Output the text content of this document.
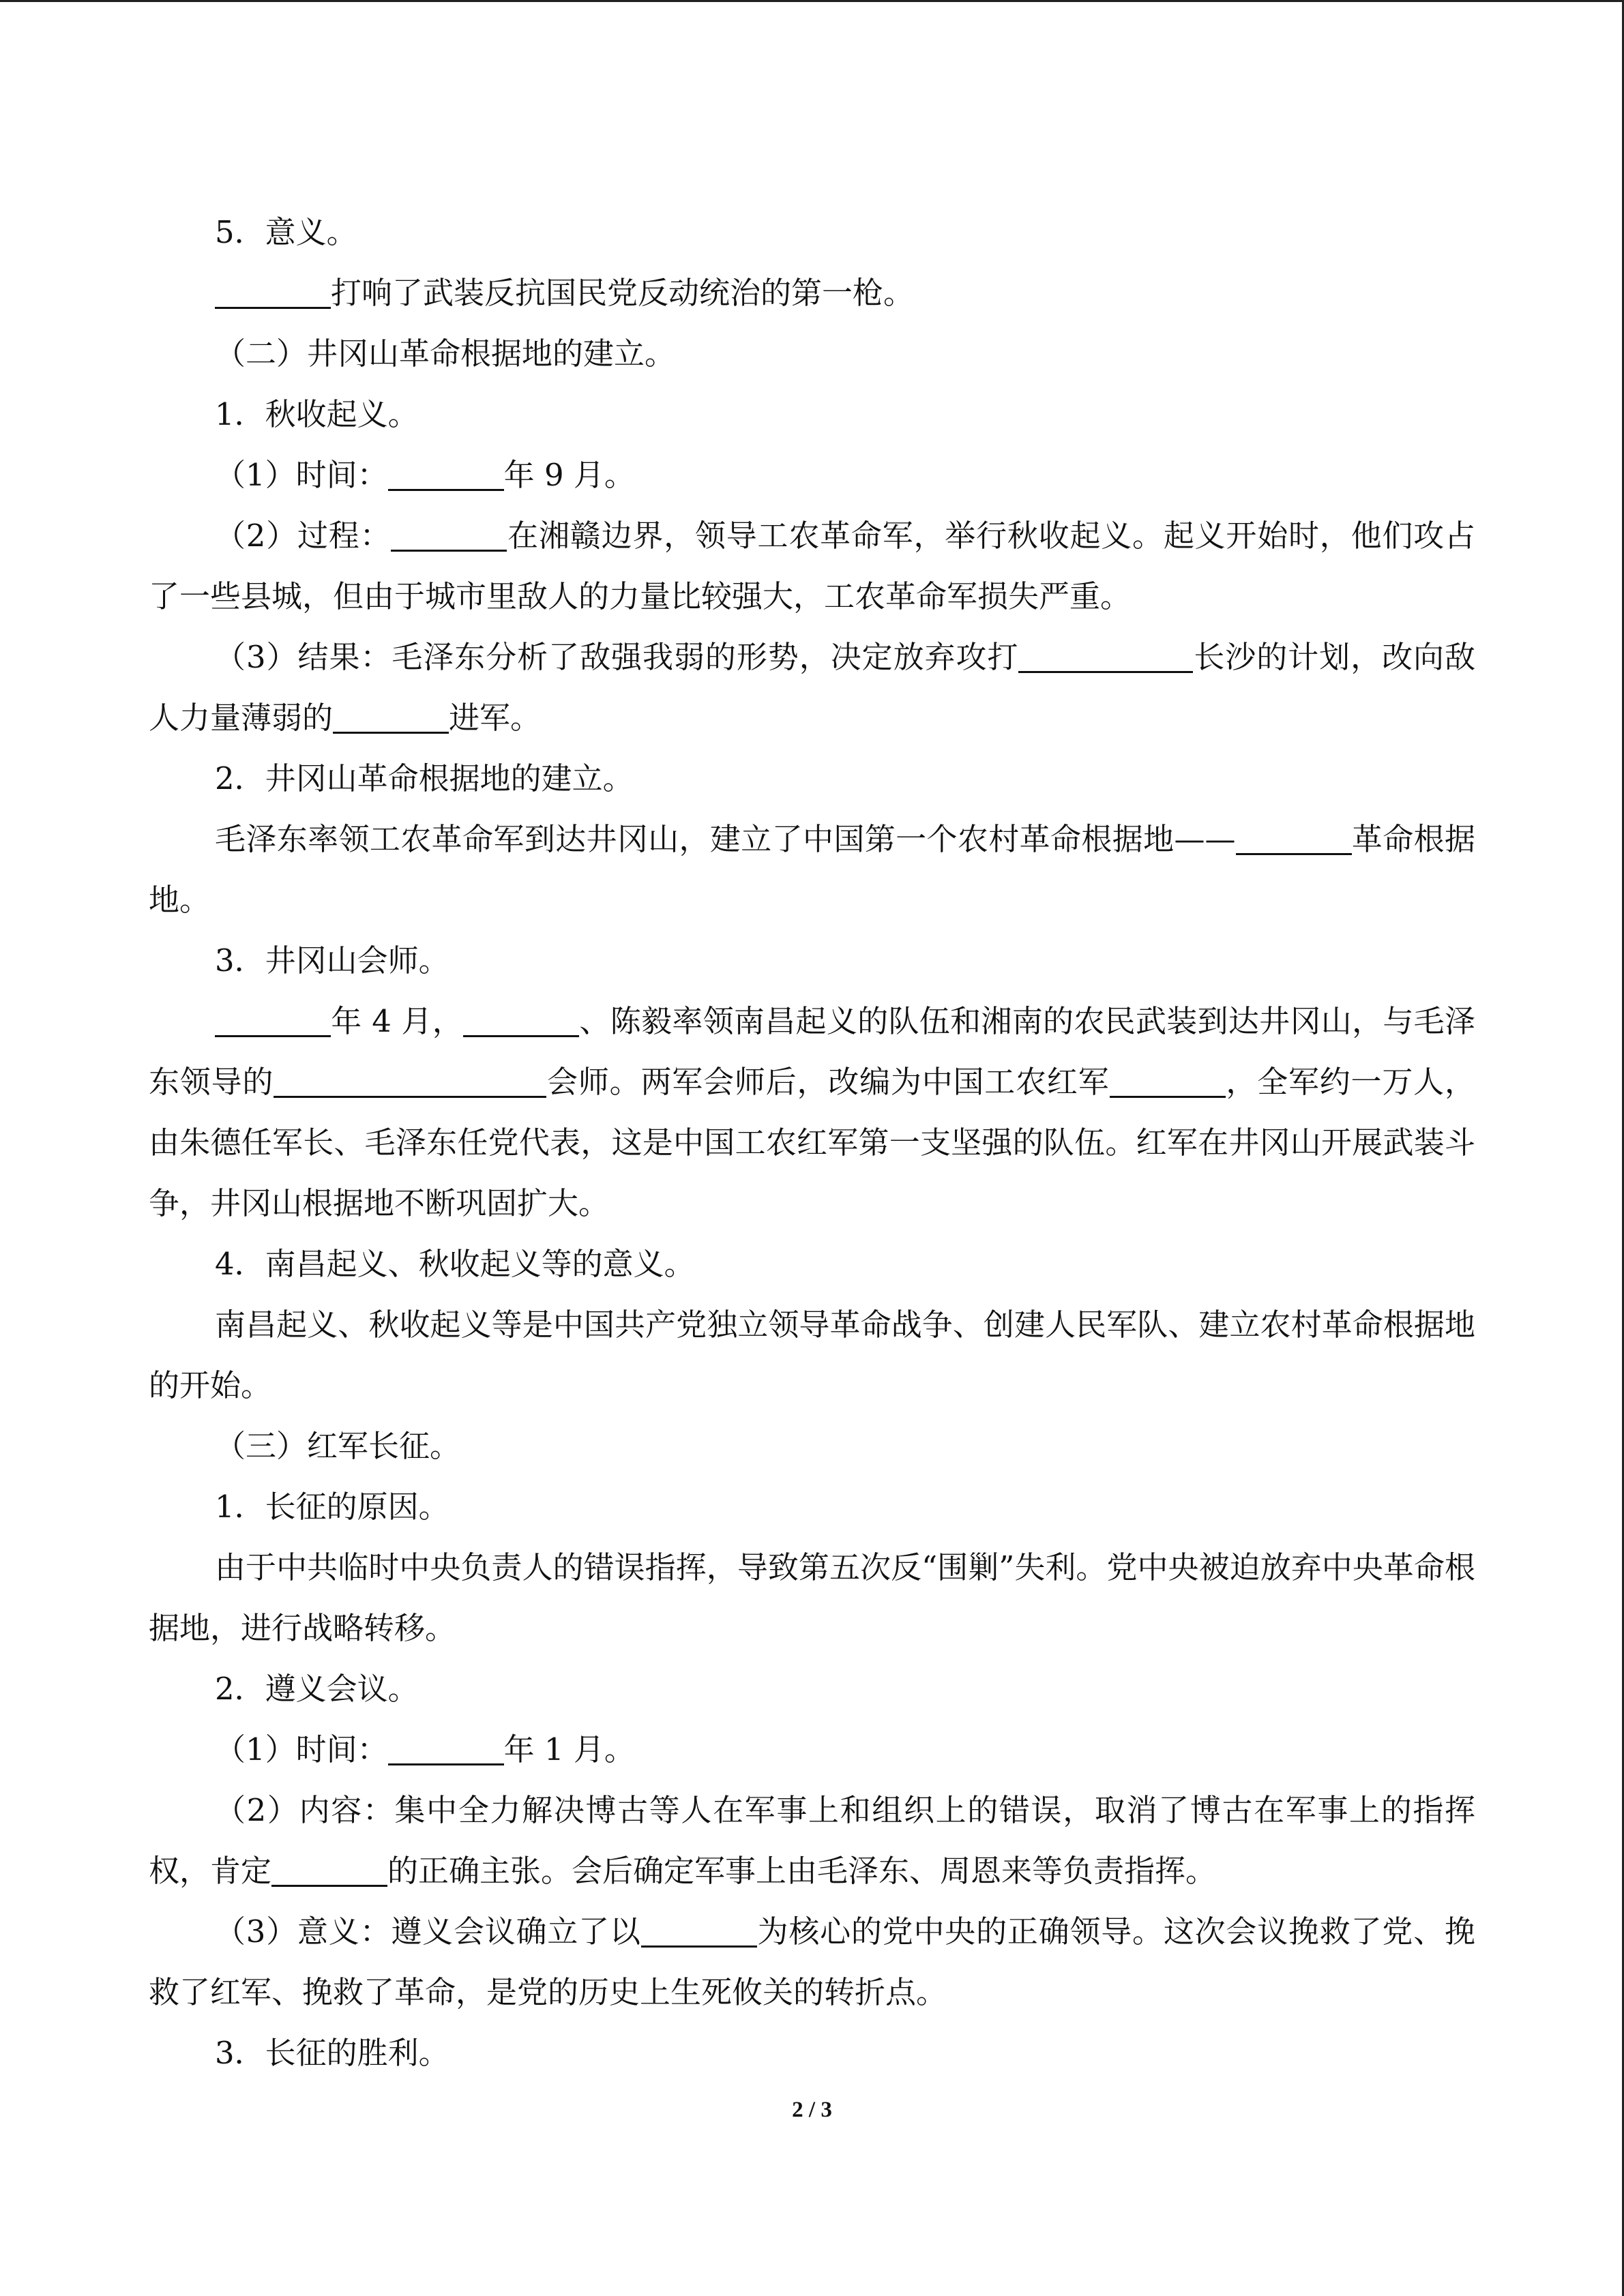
5．意义。

打响了武装反抗国民党反动统治的第一枪。

（二）井冈山革命根据地的建立。

1．秋收起义。

（1）时间：	年 9 月。

（2）过程：	在湘赣边界，领导工农革命军，举行秋收起义。起义开始时，他们攻占了一些县城，但由于城市里敌人的力量比较强大，工农革命军损失严重。

（3）结果：毛泽东分析了敌强我弱的形势，决定放弃攻打	长沙的计划，改向敌人力量薄弱的	进军。

2．井冈山革命根据地的建立。

毛泽东率领工农革命军到达井冈山，建立了中国第一个农村革命根据地——	革命根据地。

3．井冈山会师。

年 4 月，	、陈毅率领南昌起义的队伍和湘南的农民武装到达井冈山，与毛泽东领导的	会师。两军会师后，改编为中国工农红军	，全军约一万人，由朱德任军长、毛泽东任党代表，这是中国工农红军第一支坚强的队伍。红军在井冈山开展武装斗争，井冈山根据地不断巩固扩大。

4．南昌起义、秋收起义等的意义。

南昌起义、秋收起义等是中国共产党独立领导革命战争、创建人民军队、建立农村革命根据地的开始。

（三）红军长征。

1．长征的原因。

由于中共临时中央负责人的错误指挥，导致第五次反“围剿”失利。党中央被迫放弃中央革命根据地，进行战略转移。

2．遵义会议。

（1）时间：	年 1 月。

（2）内容：集中全力解决博古等人在军事上和组织上的错误，取消了博古在军事上的指挥权，肯定	的正确主张。会后确定军事上由毛泽东、周恩来等负责指挥。

（3）意义：遵义会议确立了以	为核心的党中央的正确领导。这次会议挽救了党、挽救了红军、挽救了革命，是党的历史上生死攸关的转折点。

3．长征的胜利。

2 / 3
